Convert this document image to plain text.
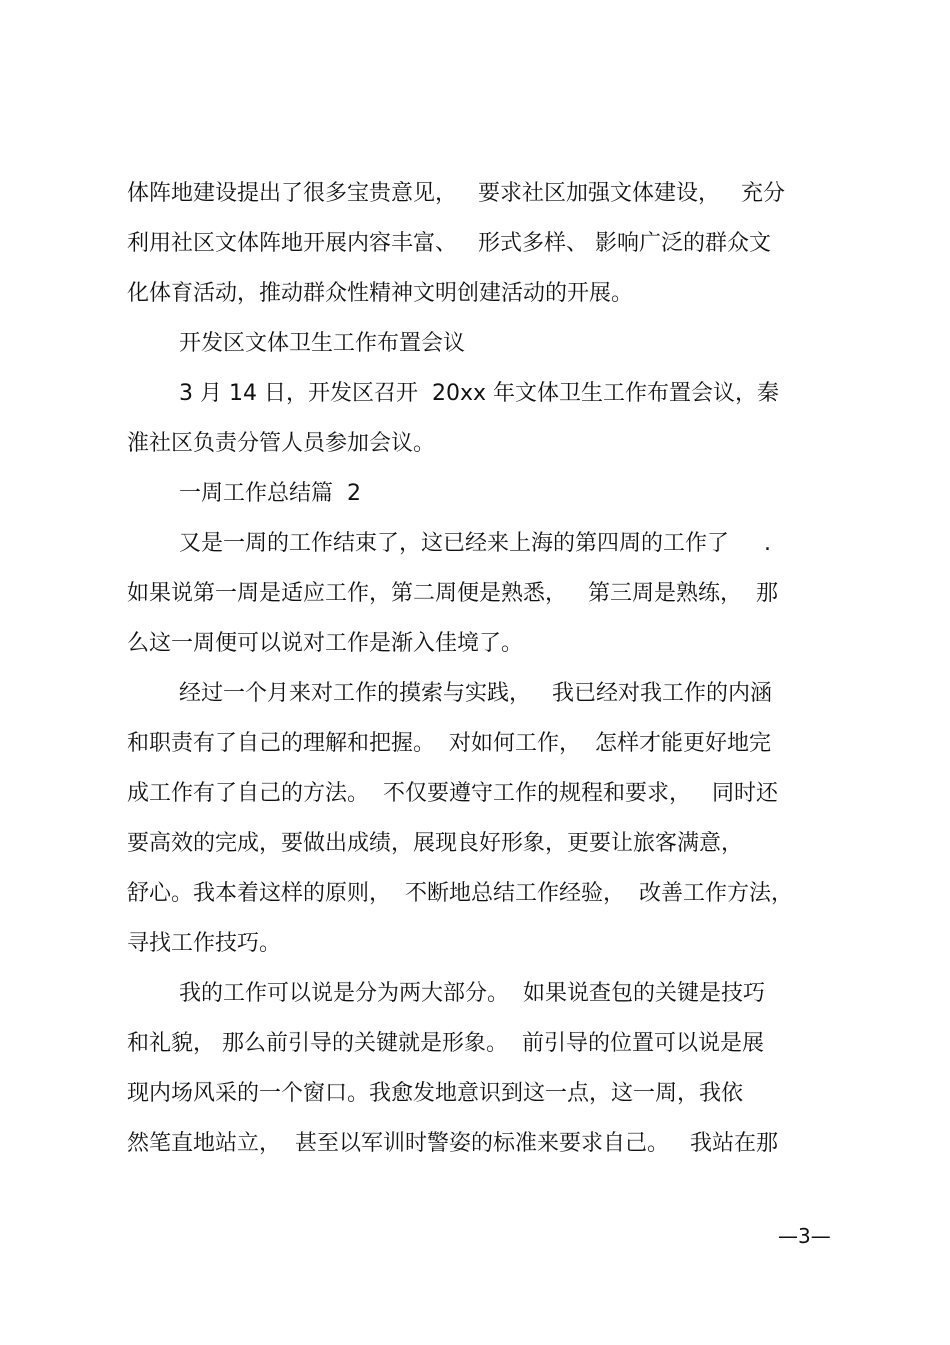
体阵地建设提出了很多宝贵意见，   要求社区加强文体建设，   充分
利用社区文体阵地开展内容丰富、   形式多样、 影响广泛的群众文
化体育活动，推动群众性精神文明创建活动的开展。
开发区文体卫生工作布置会议
3 月 14 日，开发区召开  20xx 年文体卫生工作布置会议，秦
淮社区负责分管人员参加会议。
一周工作总结篇  2
又是一周的工作结束了，这已经来上海的第四周的工作了     .
如果说第一周是适应工作，第二周便是熟悉，   第三周是熟练，  那
么这一周便可以说对工作是渐入佳境了。
经过一个月来对工作的摸索与实践，   我已经对我工作的内涵
和职责有了自己的理解和把握。  对如何工作，  怎样才能更好地完
成工作有了自己的方法。  不仅要遵守工作的规程和要求，   同时还
要高效的完成，要做出成绩，展现良好形象，更要让旅客满意，
舒心。我本着这样的原则，  不断地总结工作经验，  改善工作方法，
寻找工作技巧。
我的工作可以说是分为两大部分。  如果说查包的关键是技巧
和礼貌， 那么前引导的关键就是形象。  前引导的位置可以说是展
现内场风采的一个窗口。我愈发地意识到这一点，这一周，我依
然笔直地站立，  甚至以军训时警姿的标准来要求自己。   我站在那
—3—
